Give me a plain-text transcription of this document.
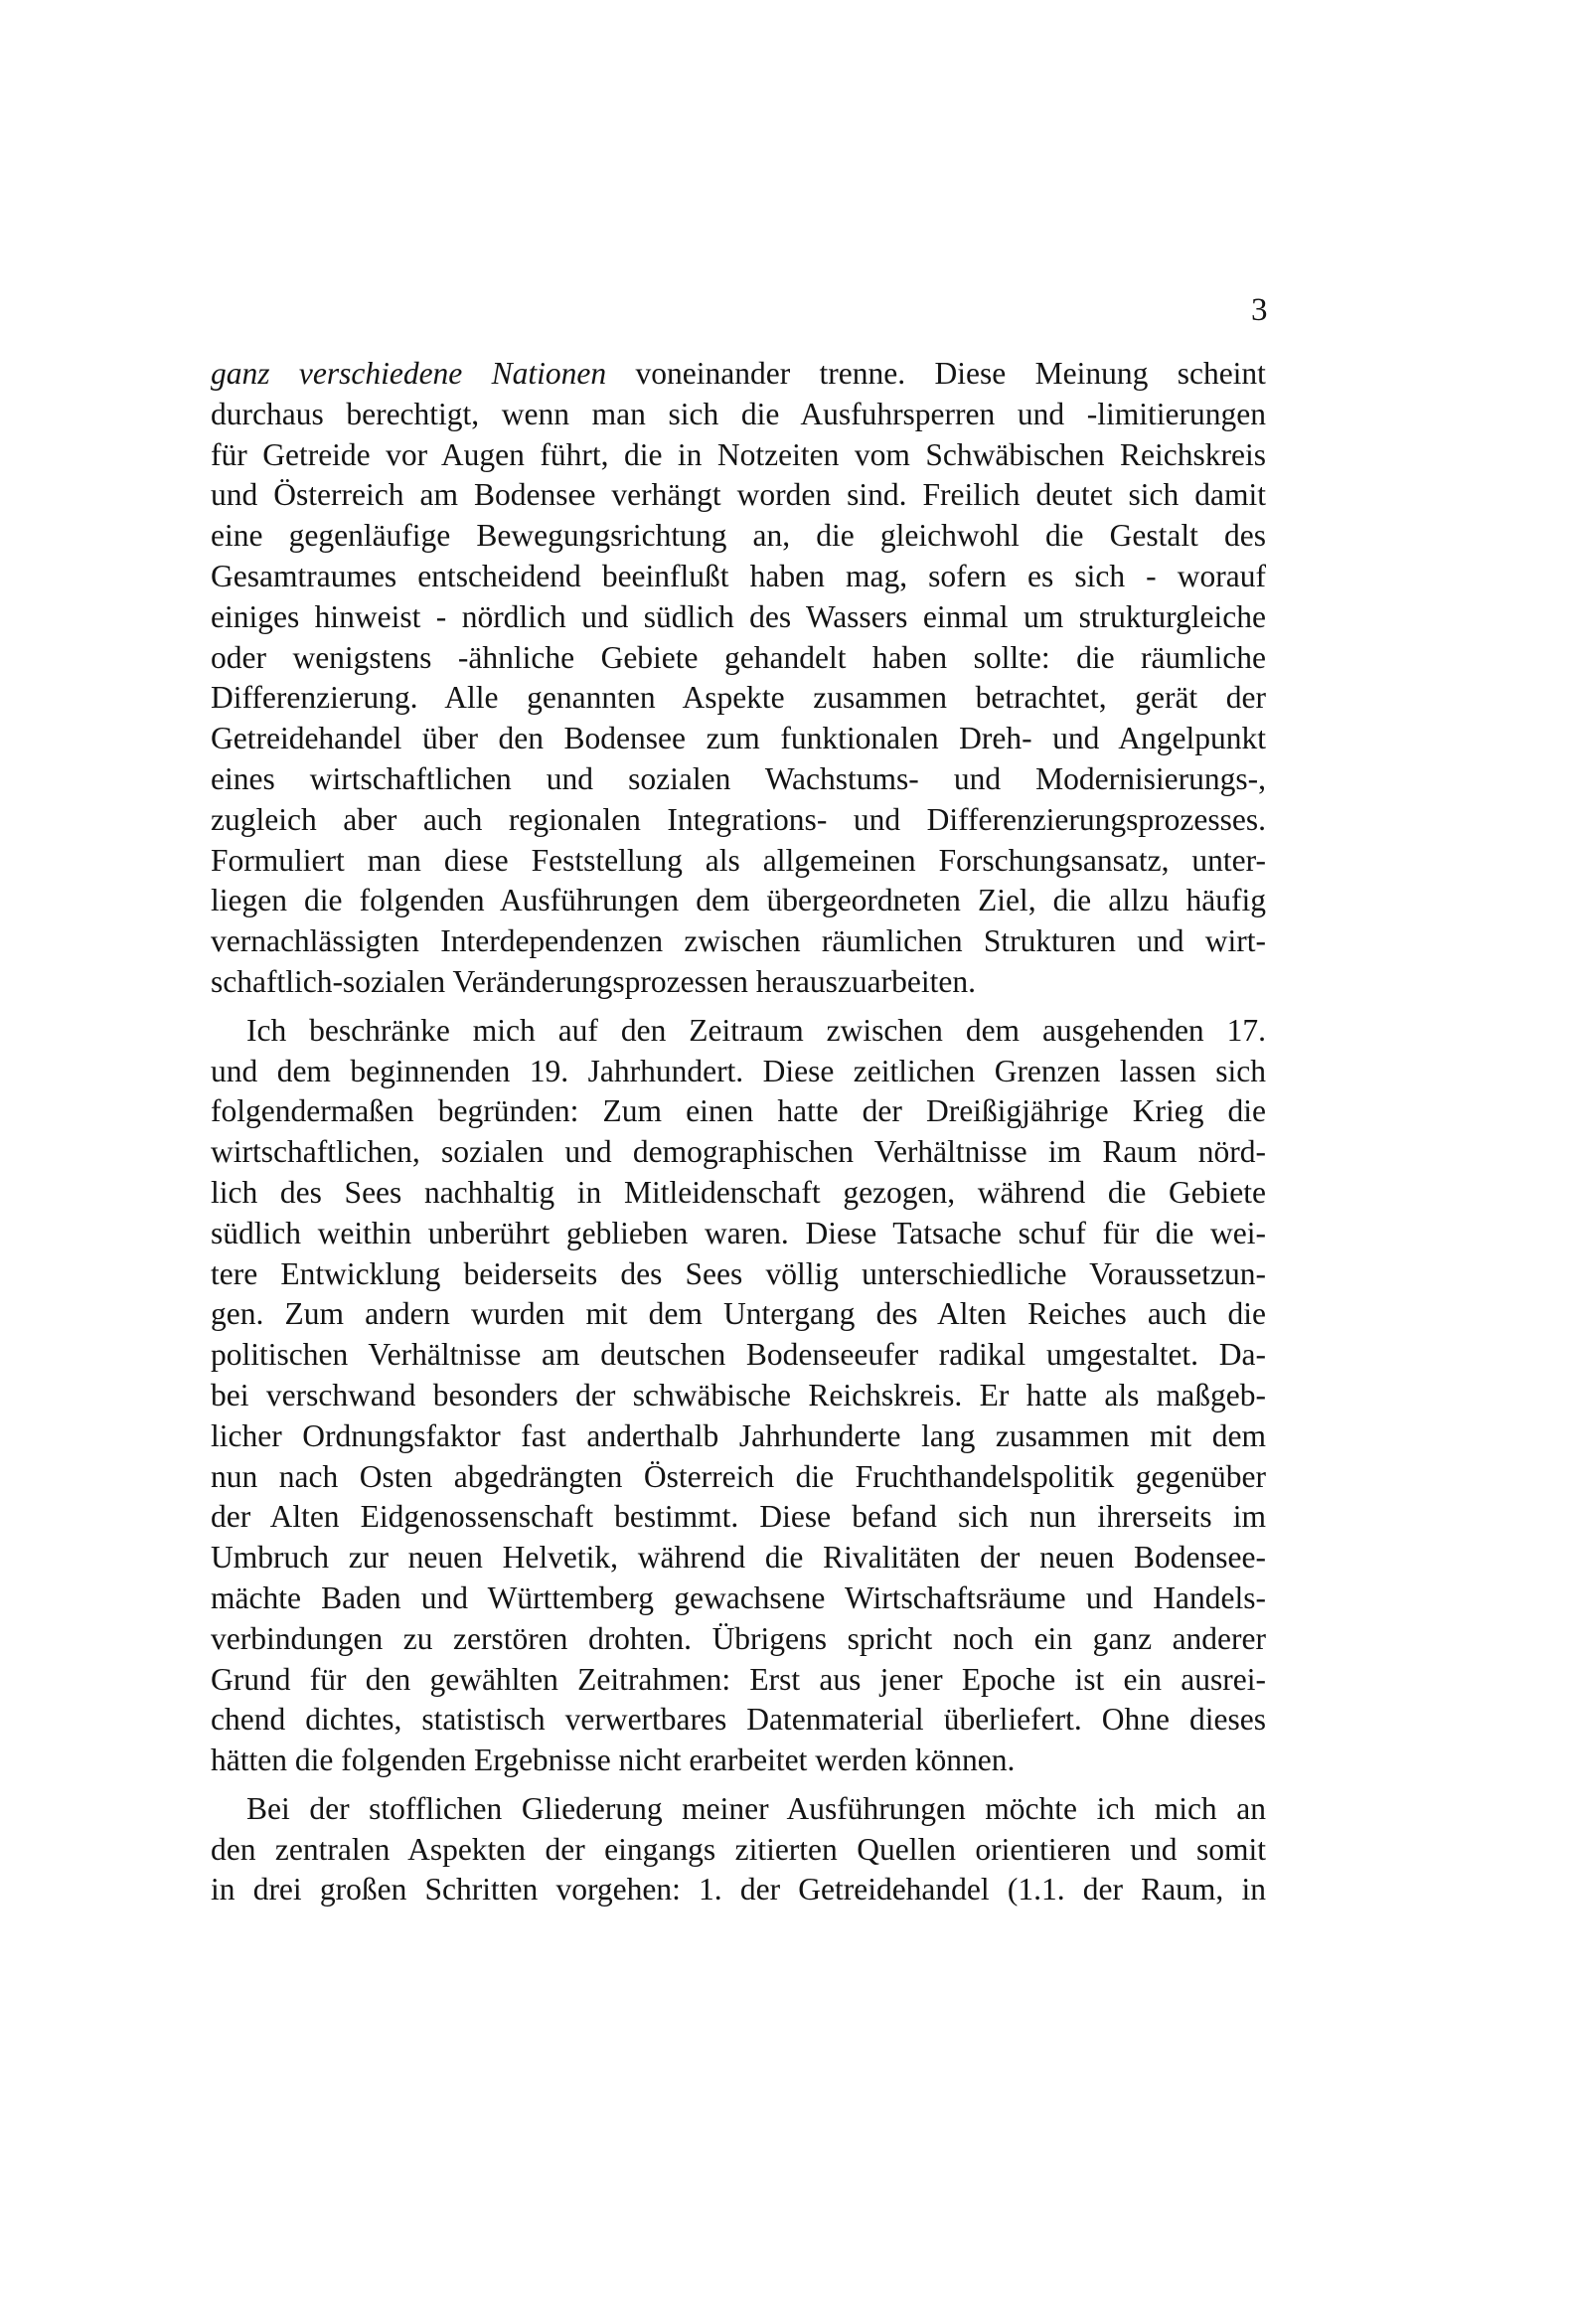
3
ganz verschiedene Nationen voneinander trenne. Diese Meinung scheint
durchaus berechtigt, wenn man sich die Ausfuhrsperren und -limitierungen
für Getreide vor Augen führt, die in Notzeiten vom Schwäbischen Reichskreis
und Österreich am Bodensee verhängt worden sind. Freilich deutet sich damit
eine gegenläufige Bewegungsrichtung an, die gleichwohl die Gestalt des
Gesamtraumes entscheidend beeinflußt haben mag, sofern es sich - worauf
einiges hinweist - nördlich und südlich des Wassers einmal um strukturgleiche
oder wenigstens -ähnliche Gebiete gehandelt haben sollte: die räumliche
Differenzierung. Alle genannten Aspekte zusammen betrachtet, gerät der
Getreidehandel über den Bodensee zum funktionalen Dreh- und Angelpunkt
eines wirtschaftlichen und sozialen Wachstums- und Modernisierungs-,
zugleich aber auch regionalen Integrations- und Differenzierungsprozesses.
Formuliert man diese Feststellung als allgemeinen Forschungsansatz, unter-
liegen die folgenden Ausführungen dem übergeordneten Ziel, die allzu häufig
vernachlässigten Interdependenzen zwischen räumlichen Strukturen und wirt-
schaftlich-sozialen Veränderungsprozessen herauszuarbeiten.
Ich beschränke mich auf den Zeitraum zwischen dem ausgehenden 17.
und dem beginnenden 19. Jahrhundert. Diese zeitlichen Grenzen lassen sich
folgendermaßen begründen: Zum einen hatte der Dreißigjährige Krieg die
wirtschaftlichen, sozialen und demographischen Verhältnisse im Raum nörd-
lich des Sees nachhaltig in Mitleidenschaft gezogen, während die Gebiete
südlich weithin unberührt geblieben waren. Diese Tatsache schuf für die wei-
tere Entwicklung beiderseits des Sees völlig unterschiedliche Voraussetzun-
gen. Zum andern wurden mit dem Untergang des Alten Reiches auch die
politischen Verhältnisse am deutschen Bodenseeufer radikal umgestaltet. Da-
bei verschwand besonders der schwäbische Reichskreis. Er hatte als maßgeb-
licher Ordnungsfaktor fast anderthalb Jahrhunderte lang zusammen mit dem
nun nach Osten abgedrängten Österreich die Fruchthandelspolitik gegenüber
der Alten Eidgenossenschaft bestimmt. Diese befand sich nun ihrerseits im
Umbruch zur neuen Helvetik, während die Rivalitäten der neuen Bodensee-
mächte Baden und Württemberg gewachsene Wirtschaftsräume und Handels-
verbindungen zu zerstören drohten. Übrigens spricht noch ein ganz anderer
Grund für den gewählten Zeitrahmen: Erst aus jener Epoche ist ein ausrei-
chend dichtes, statistisch verwertbares Datenmaterial überliefert. Ohne dieses
hätten die folgenden Ergebnisse nicht erarbeitet werden können.
Bei der stofflichen Gliederung meiner Ausführungen möchte ich mich an
den zentralen Aspekten der eingangs zitierten Quellen orientieren und somit
in drei großen Schritten vorgehen: 1. der Getreidehandel (1.1. der Raum, in
